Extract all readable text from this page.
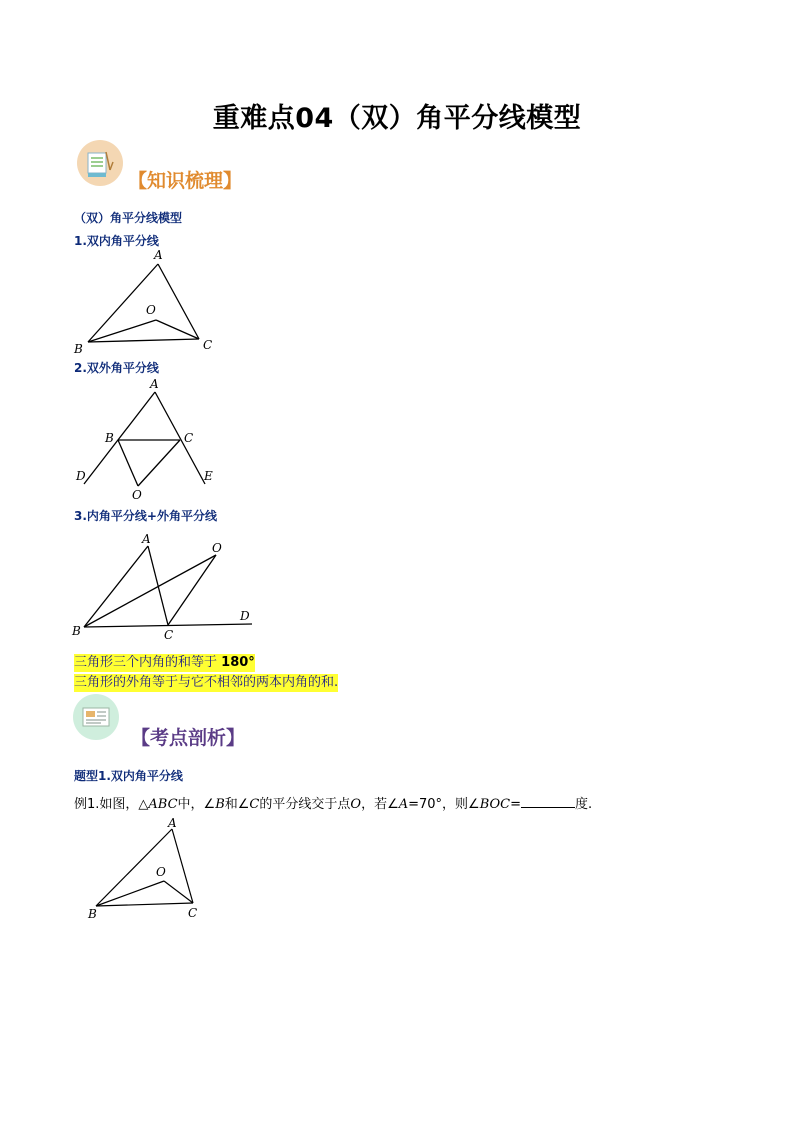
重难点04（双）角平分线模型
【知识梳理】
（双）角平分线模型
1.双内角平分线
A
B	C
O
2.双外角平分线
A
B	C
D	E
O
3.内角平分线+外角平分线
A
B	C
D
O
三角形三个内角的和等于 180°
三角形的外角等于与它不相邻的两本内角的和.
【考点剖析】
题型1.双内角平分线
例1.如图，△ABC中，∠B和∠C的平分线交于点O，若∠A=70°，则∠BOC=	度.
A
B	C
O
